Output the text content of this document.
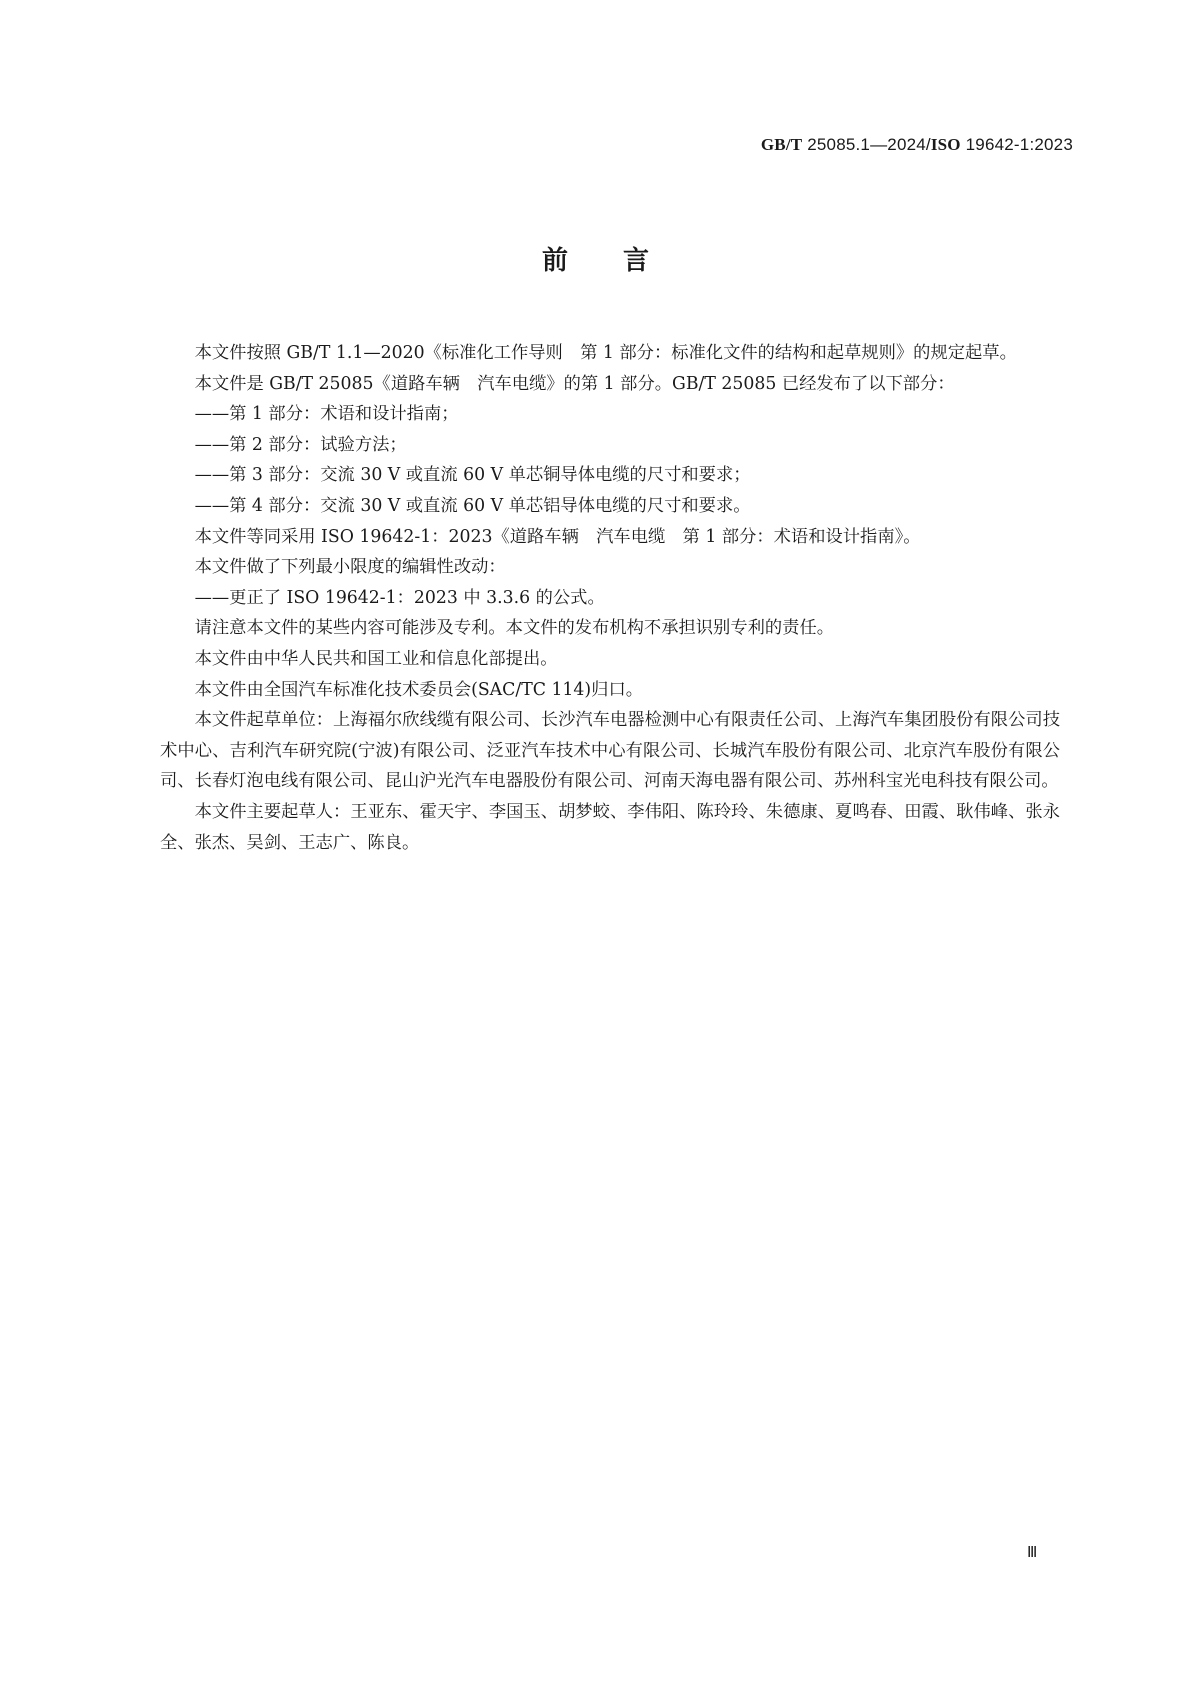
GB/T 25085.1—2024/ISO 19642-1:2023
前 言

本文件按照 GB/T 1.1—2020《标准化工作导则　第 1 部分：标准化文件的结构和起草规则》的规定起草。

本文件是 GB/T 25085《道路车辆　汽车电缆》的第 1 部分。GB/T 25085 已经发布了以下部分：

——第 1 部分：术语和设计指南；

——第 2 部分：试验方法；

——第 3 部分：交流 30 V 或直流 60 V 单芯铜导体电缆的尺寸和要求；

——第 4 部分：交流 30 V 或直流 60 V 单芯铝导体电缆的尺寸和要求。

本文件等同采用 ISO 19642-1：2023《道路车辆　汽车电缆　第 1 部分：术语和设计指南》。

本文件做了下列最小限度的编辑性改动：

——更正了 ISO 19642-1：2023 中 3.3.6 的公式。

请注意本文件的某些内容可能涉及专利。本文件的发布机构不承担识别专利的责任。

本文件由中华人民共和国工业和信息化部提出。

本文件由全国汽车标准化技术委员会(SAC/TC 114)归口。

本文件起草单位：上海福尔欣线缆有限公司、长沙汽车电器检测中心有限责任公司、上海汽车集团股份有限公司技术中心、吉利汽车研究院(宁波)有限公司、泛亚汽车技术中心有限公司、长城汽车股份有限公司、北京汽车股份有限公司、长春灯泡电线有限公司、昆山沪光汽车电器股份有限公司、河南天海电器有限公司、苏州科宝光电科技有限公司。

本文件主要起草人：王亚东、霍天宇、李国玉、胡梦蛟、李伟阳、陈玲玲、朱德康、夏鸣春、田霞、耿伟峰、张永全、张杰、吴剑、王志广、陈良。

Ⅲ
